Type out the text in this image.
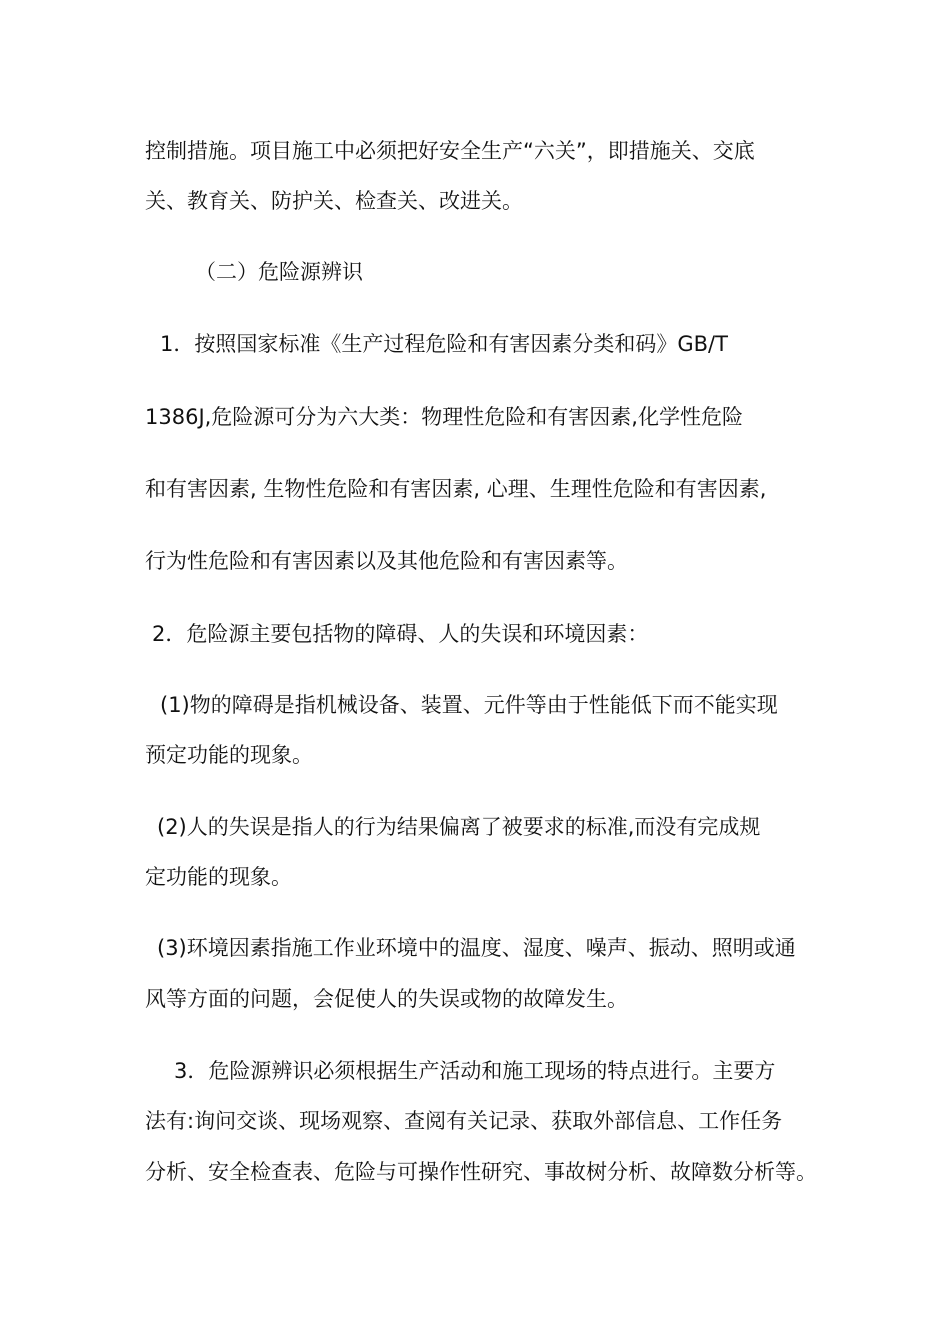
控制措施。项目施工中必须把好安全生产“六关”，即措施关、交底
关、教育关、防护关、检查关、改进关。
（二）危险源辨识
1．按照国家标准《生产过程危险和有害因素分类和码》GB/T
1386J,危险源可分为六大类：物理性危险和有害因素,化学性危险
和有害因素, 生物性危险和有害因素, 心理、生理性危险和有害因素,
行为性危险和有害因素以及其他危险和有害因素等。
2．危险源主要包括物的障碍、人的失误和环境因素：
(1)物的障碍是指机械设备、装置、元件等由于性能低下而不能实现
预定功能的现象。
(2)人的失误是指人的行为结果偏离了被要求的标准,而没有完成规
定功能的现象。
(3)环境因素指施工作业环境中的温度、湿度、噪声、振动、照明或通
风等方面的问题，会促使人的失误或物的故障发生。
3．危险源辨识必须根据生产活动和施工现场的特点进行。主要方
法有:询问交谈、现场观察、查阅有关记录、获取外部信息、工作任务
分析、安全检查表、危险与可操作性研究、事故树分析、故障数分析等。
